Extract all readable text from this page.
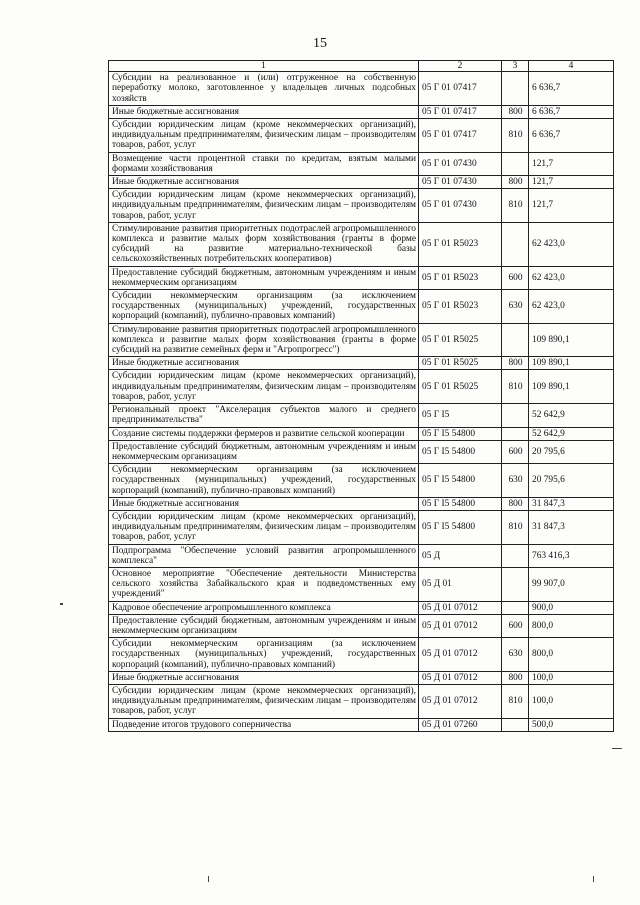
15
1	2	3	4
Субсидии на реализованное и (или) отгруженное на собственную переработку молоко, заготовленное у владельцев личных подсобных хозяйств	05 Г 01 07417		6 636,7
Иные бюджетные ассигнования	05 Г 01 07417	800	6 636,7
Субсидии юридическим лицам (кроме некоммерческих организаций), индивидуальным предпринимателям, физическим лицам – производителям товаров, работ, услуг	05 Г 01 07417	810	6 636,7
Возмещение части процентной ставки по кредитам, взятым малыми формами хозяйствования	05 Г 01 07430		121,7
Иные бюджетные ассигнования	05 Г 01 07430	800	121,7
Субсидии юридическим лицам (кроме некоммерческих организаций), индивидуальным предпринимателям, физическим лицам – производителям товаров, работ, услуг	05 Г 01 07430	810	121,7
Стимулирование развития приоритетных подотраслей агропромышленного комплекса и развитие малых форм хозяйствования (гранты в форме субсидий на развитие материально-технической базы сельскохозяйственных потребительских кооперативов)	05 Г 01 R5023		62 423,0
Предоставление субсидий бюджетным, автономным учреждениям и иным некоммерческим организациям	05 Г 01 R5023	600	62 423,0
Субсидии некоммерческим организациям (за исключением государственных (муниципальных) учреждений, государственных корпораций (компаний), публично-правовых компаний)	05 Г 01 R5023	630	62 423,0
Стимулирование развития приоритетных подотраслей агропромышленного комплекса и развитие малых форм хозяйствования (гранты в форме субсидий на развитие семейных ферм и "Агропрогресс")	05 Г 01 R5025		109 890,1
Иные бюджетные ассигнования	05 Г 01 R5025	800	109 890,1
Субсидии юридическим лицам (кроме некоммерческих организаций), индивидуальным предпринимателям, физическим лицам – производителям товаров, работ, услуг	05 Г 01 R5025	810	109 890,1
Региональный проект "Акселерация субъектов малого и среднего предпринимательства"	05 Г I5		52 642,9
Создание системы поддержки фермеров и развитие сельской кооперации	05 Г I5 54800		52 642,9
Предоставление субсидий бюджетным, автономным учреждениям и иным некоммерческим организациям	05 Г I5 54800	600	20 795,6
Субсидии некоммерческим организациям (за исключением государственных (муниципальных) учреждений, государственных корпораций (компаний), публично-правовых компаний)	05 Г I5 54800	630	20 795,6
Иные бюджетные ассигнования	05 Г I5 54800	800	31 847,3
Субсидии юридическим лицам (кроме некоммерческих организаций), индивидуальным предпринимателям, физическим лицам – производителям товаров, работ, услуг	05 Г I5 54800	810	31 847,3
Подпрограмма "Обеспечение условий развития агропромышленного комплекса"	05 Д		763 416,3
Основное мероприятие "Обеспечение деятельности Министерства сельского хозяйства Забайкальского края и подведомственных ему учреждений"	05 Д 01		99 907,0
Кадровое обеспечение агропромышленного комплекса	05 Д 01 07012		900,0
Предоставление субсидий бюджетным, автономным учреждениям и иным некоммерческим организациям	05 Д 01 07012	600	800,0
Субсидии некоммерческим организациям (за исключением государственных (муниципальных) учреждений, государственных корпораций (компаний), публично-правовых компаний)	05 Д 01 07012	630	800,0
Иные бюджетные ассигнования	05 Д 01 07012	800	100,0
Субсидии юридическим лицам (кроме некоммерческих организаций), индивидуальным предпринимателям, физическим лицам – производителям товаров, работ, услуг	05 Д 01 07012	810	100,0
Подведение итогов трудового соперничества	05 Д 01 07260		500,0
